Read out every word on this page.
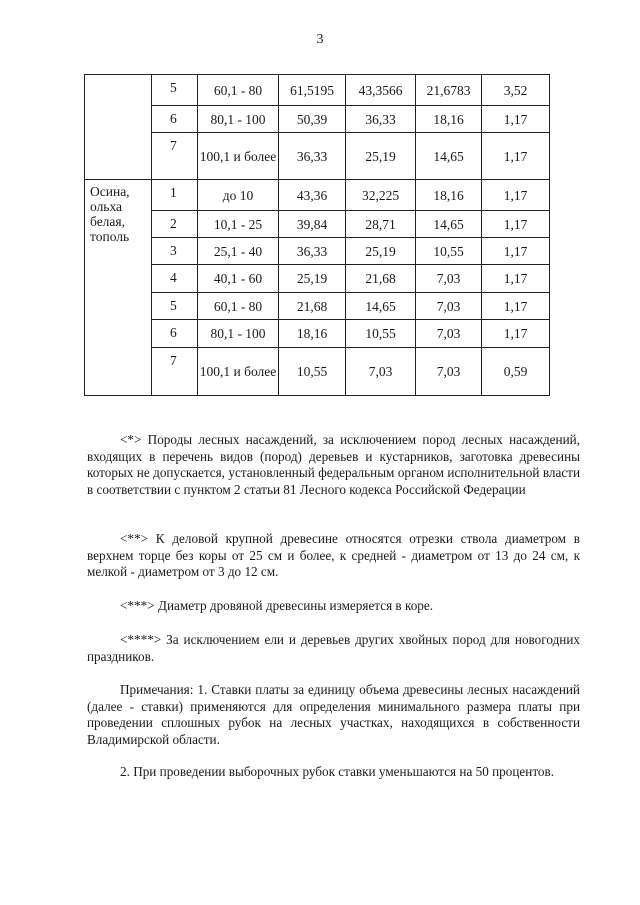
3
	5	60,1 - 80	61,5195	43,3566	21,6783	3,52
	6	80,1 - 100	50,39	36,33	18,16	1,17
	7	100,1 и более	36,33	25,19	14,65	1,17
Осина, ольха белая, тополь	1	до 10	43,36	32,225	18,16	1,17
	2	10,1 - 25	39,84	28,71	14,65	1,17
	3	25,1 - 40	36,33	25,19	10,55	1,17
	4	40,1 - 60	25,19	21,68	7,03	1,17
	5	60,1 - 80	21,68	14,65	7,03	1,17
	6	80,1 - 100	18,16	10,55	7,03	1,17
	7	100,1 и более	10,55	7,03	7,03	0,59

<*> Породы лесных насаждений, за исключением пород лесных насаждений, входящих в перечень видов (пород) деревьев и кустарников, заготовка древесины которых не допускается, установленный федеральным органом исполнительной власти в соответствии с пунктом 2 статьи 81 Лесного кодекса Российской Федерации

<**> К деловой крупной древесине относятся отрезки ствола диаметром в верхнем торце без коры от 25 см и более, к средней - диаметром от 13 до 24 см, к мелкой - диаметром от 3 до 12 см.

<***> Диаметр дровяной древесины измеряется в коре.

<****> За исключением ели и деревьев других хвойных пород для новогодних праздников.

Примечания: 1. Ставки платы за единицу объема древесины лесных насаждений (далее - ставки) применяются для определения минимального размера платы при проведении сплошных рубок на лесных участках, находящихся в собственности Владимирской области.

2. При проведении выборочных рубок ставки уменьшаются на 50 процентов.
